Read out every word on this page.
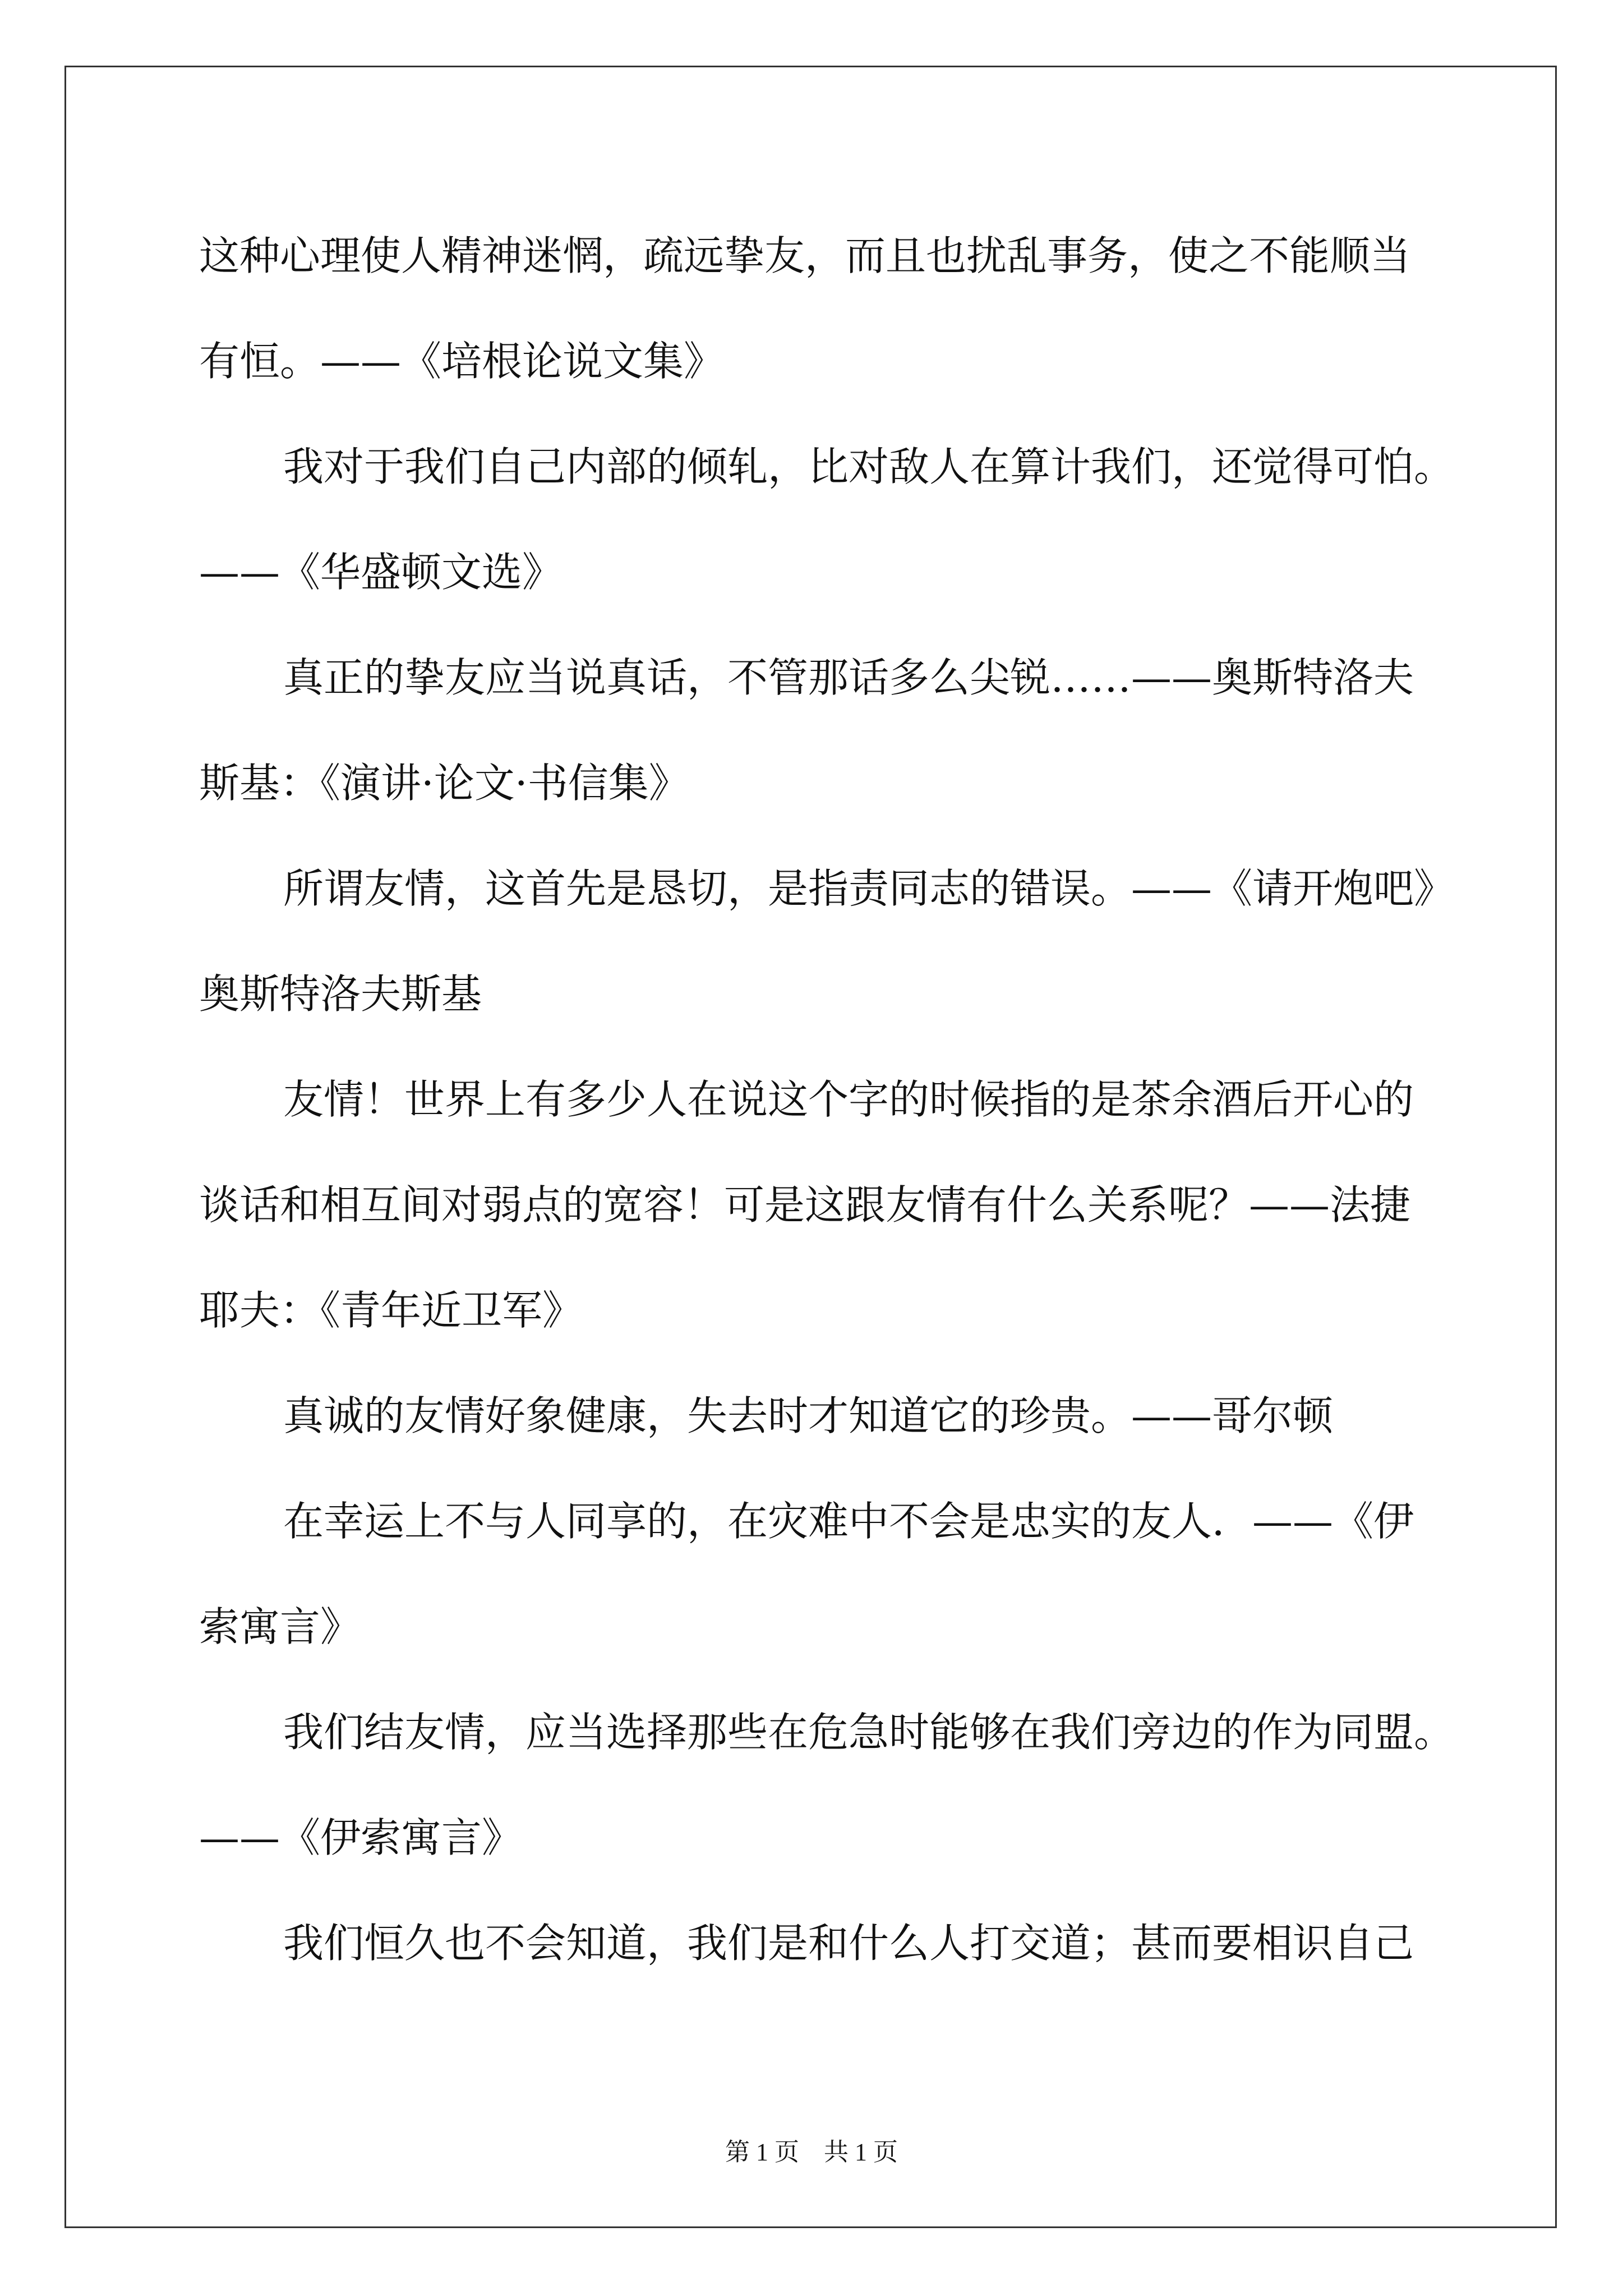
这种心理使人精神迷惘，疏远挚友，而且也扰乱事务，使之不能顺当
有恒。——《培根论说文集》
我对于我们自己内部的倾轧，比对敌人在算计我们，还觉得可怕。
——《华盛顿文选》
真正的挚友应当说真话，不管那话多么尖锐……——奥斯特洛夫
斯基：《演讲·论文·书信集》
所谓友情，这首先是恳切，是指责同志的错误。——《请开炮吧》
奥斯特洛夫斯基
友情！世界上有多少人在说这个字的时候指的是茶余酒后开心的
谈话和相互间对弱点的宽容！可是这跟友情有什么关系呢？——法捷
耶夫：《青年近卫军》
真诚的友情好象健康，失去时才知道它的珍贵。——哥尔顿
在幸运上不与人同享的，在灾难中不会是忠实的友人．——《伊
索寓言》
我们结友情，应当选择那些在危急时能够在我们旁边的作为同盟。
——《伊索寓言》
我们恒久也不会知道，我们是和什么人打交道；甚而要相识自己
第 1 页　共 1 页
